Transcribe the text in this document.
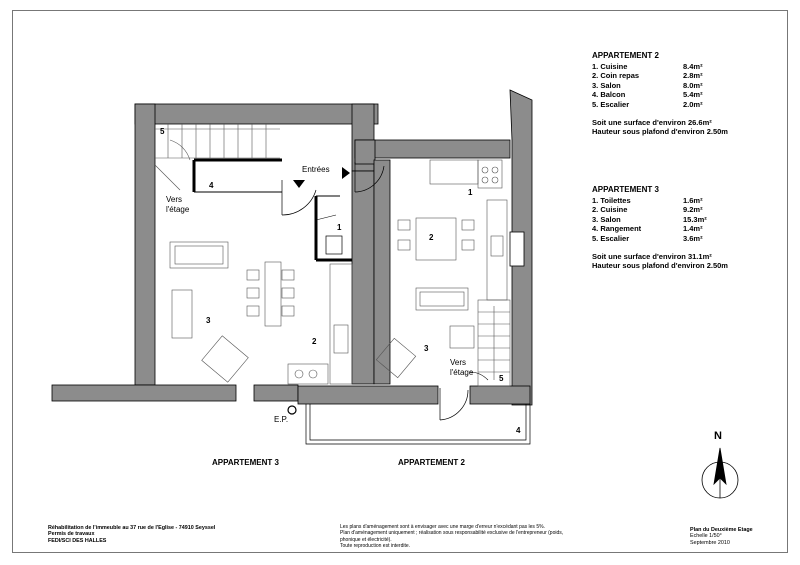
5
4
1
3
2
Vers
l'étage
Entrées
1
2
3
4
5
Vers
l'étage
E.P.
APPARTEMENT 3	APPARTEMENT 2
N
APPARTEMENT 2
1. Cuisine	8.4m²
2. Coin repas	2.8m²
3. Salon	8.0m²
4. Balcon	5.4m²
5. Escalier	2.0m²
Soit une surface d'environ 26.6m²
Hauteur sous plafond d'environ 2.50m
APPARTEMENT 3
1. Toilettes	1.6m²
2. Cuisine	9.2m²
3. Salon	15.3m²
4. Rangement	1.4m²
5. Escalier	3.6m²
Soit une surface d'environ 31.1m²
Hauteur sous plafond d'environ 2.50m
Réhabilitation de l'immeuble au 37 rue de l'Eglise - 74910 Seyssel
Permis de travaux
FEDI/SCI DES HALLES
Les plans d'aménagement sont à envisager avec une marge d'erreur n'excédant pas les 5%.
Plan d'aménagement uniquement ; réalisation sous responsabilité exclusive de l'entrepreneur (poids, phonique et électricité).
Toute reproduction est interdite.
Plan du Deuxième Etage
Echelle 1/50°
Septembre 2010
